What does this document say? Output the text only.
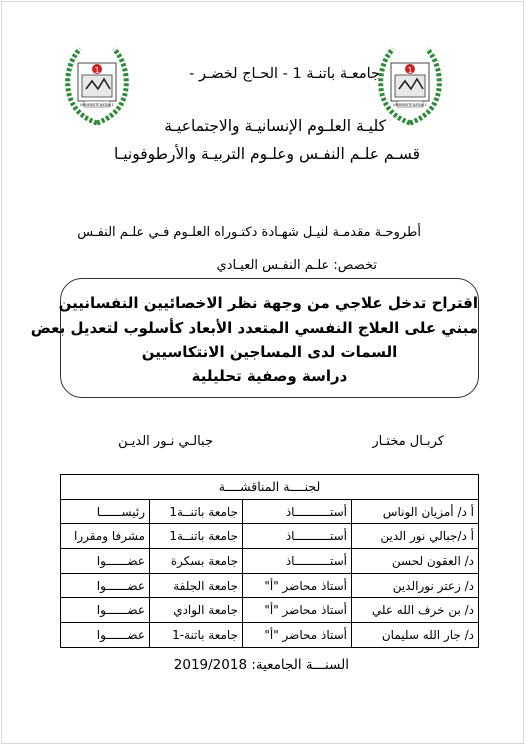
1
UNIVERSITÉ BATNA 1
1
UNIVERSITÉ BATNA 1
جامعـة باتنـة 1 - الحـاج لخضـر -
كليـة العلـوم الإنسانيـة والاجتماعيـة
قسـم علـم النفـس وعلـوم التربيـة والأرطوفونيـا
أطروحـة مقدمـة لنيـل شهـادة دكتـوراه العلـوم فـي علـم النفـس
تخصص: علـم النفـس العيـادي
اقتراح تدخل علاجي من وجهة نظر الاخصائيين النفسانيين
مبني على العلاج النفسي المتعدد الأبعاد كأسلوب لتعديل بعض
السمات لدى المساجين الانتكاسيين
دراسة وصفية تحليلية
كربـال مختـار
جبالـي نـور الديـن
لجنــــة المناقشــــة			
أ د/ أمزيان الوناس	أستــــــــــاذ	جامعة باتنــة1	رئيســــــا
أ د/جبالي نور الدين	أستــــــــــاذ	جامعة باتنــة1	مشرفا ومقررا
د/ العقون لحسن	أستــــــــــاذ	جامعة بسكرة	عضــــــوا
د/ زعتر نورالدين	أستاذ محاضر "أ"	جامعة الجلفة	عضــــــوا
د/ بن خرف الله علي	أستاذ محاضر "أ"	جامعة الوادي	عضــــــوا
د/ جار الله سليمان	أستاذ محاضر "أ"	جامعة باتنة-1	عضــــــوا
السنـــة الجامعية: 2019/2018
